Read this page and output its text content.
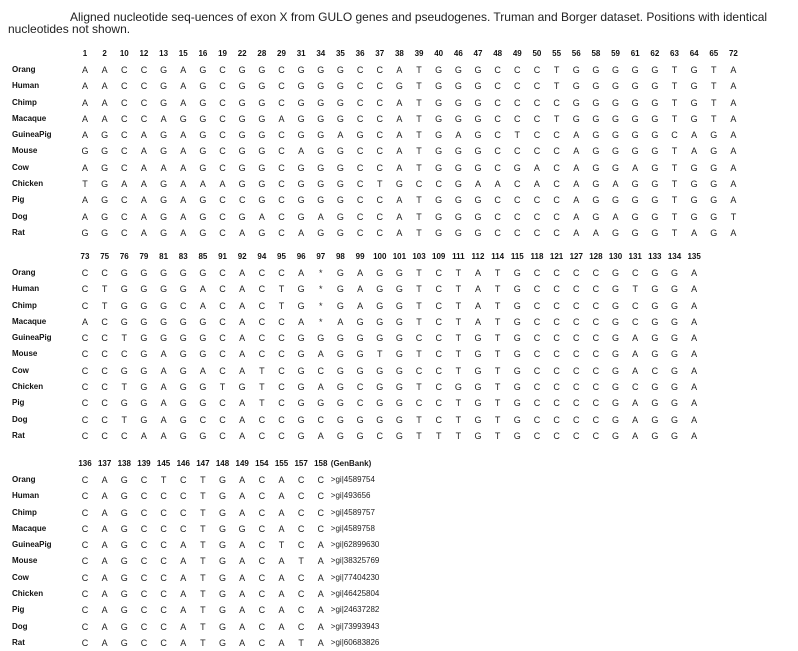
Aligned nucleotide seq-uences of exon X from GULO genes and pseudogenes. Truman and Borger dataset. Positions with identical nucleotides not shown.
1	2	10	12	13	15	16	19	22	28	29	31	34	35	36	37	38	39	40	46	47	48	49	50	55	56	58	59	61	62	63	64	65	72
Orang	A	A	C	C	G	A	G	C	G	G	C	G	G	G	C	C	A	T	G	G	G	C	C	C	T	G	G	G	G	G	T	G	T	A
Human	A	A	C	C	G	A	G	C	G	G	C	G	G	G	C	C	G	T	G	G	G	C	C	C	T	G	G	G	G	G	T	G	T	A
Chimp	A	A	C	C	G	A	G	C	G	G	C	G	G	G	C	C	A	T	G	G	G	C	C	C	C	G	G	G	G	G	T	G	T	A
Macaque	A	A	C	C	A	G	G	C	G	G	A	G	G	G	C	C	A	T	G	G	G	C	C	C	T	G	G	G	G	G	T	G	T	A
GuineaPig	A	G	C	A	G	A	G	C	G	G	C	G	G	A	G	C	A	T	G	A	G	C	T	C	C	A	G	G	G	G	C	A	G	A
Mouse	G	G	C	A	G	A	G	C	G	G	C	A	G	G	C	C	A	T	G	G	G	C	C	C	C	A	G	G	G	G	T	A	G	A
Cow	A	G	C	A	A	A	G	C	G	G	C	G	G	G	C	C	A	T	G	G	G	C	G	A	C	A	G	G	A	G	T	G	G	A
Chicken	T	G	A	A	G	A	A	A	G	G	C	G	G	G	C	T	G	C	C	G	A	A	C	A	C	A	G	A	G	G	T	G	G	A
Pig	A	G	C	A	G	A	G	C	C	G	C	G	G	G	C	C	A	T	G	G	G	C	C	C	C	A	G	G	G	G	T	G	G	A
Dog	A	G	C	A	G	A	G	C	G	A	C	G	A	G	C	C	A	T	G	G	G	C	C	C	C	A	G	A	G	G	T	G	G	T
Rat	G	G	C	A	G	A	G	C	A	G	C	A	G	G	C	C	A	T	G	G	G	C	C	C	C	A	A	G	G	G	T	A	G	A
73	75	76	79	81	83	85	91	92	94	95	96	97	98	99	100 101 103 109 111 112 114 115 118 121 127 128 130 131 133 134 135
Orang	C	C	G	G	G	G	G	C	A	C	C	A	*	G	A	G	G	T	C	T	A	T	G	C	C	C	C	G	C	G	G	A
Human	C	T	G	G	G	G	A	C	A	C	T	G	*	G	A	G	G	T	C	T	A	T	G	C	C	C	C	G	T	G	G	A
Chimp	C	T	G	G	G	C	A	C	A	C	T	G	*	G	A	G	G	T	C	T	A	T	G	C	C	C	C	G	C	G	G	A
Macaque	A	C	G	G	G	G	G	C	A	C	C	A	*	A	G	G	G	T	C	T	A	T	G	C	C	C	C	G	C	G	G	A
GuineaPig	C	C	T	G	G	G	G	C	A	C	C	G	G	G	G	G	G	C	C	T	G	T	G	C	C	C	C	G	A	G	G	A
Mouse	C	C	C	G	A	G	G	C	A	C	C	G	A	G	G	T	G	T	C	T	G	T	G	C	C	C	C	G	A	G	G	A
Cow	C	C	G	G	A	G	A	C	A	T	C	G	C	G	G	G	G	C	C	T	G	T	G	C	C	C	C	G	A	C	G	A
Chicken	C	C	T	G	A	G	G	T	G	T	C	G	A	G	C	G	G	T	C	G	G	T	G	C	C	C	C	G	C	G	G	A
Pig	C	C	G	G	A	G	G	C	A	T	C	G	G	G	C	G	G	C	C	T	G	T	G	C	C	C	C	G	A	G	G	A
Dog	C	C	T	G	A	G	C	C	A	C	C	G	C	G	G	G	G	T	C	T	G	T	G	C	C	C	C	G	A	G	G	A
Rat	C	C	C	A	A	G	G	C	A	C	C	G	A	G	G	C	G	T	T	T	G	T	G	C	C	C	C	G	A	G	G	A
136 137 138 139 145 146 147 148 149 154 155 157 158 (GenBank)
Orang	C	A	G	C	T	C	T	G	A	C	A	C	C >gi|4589754
Human	C	A	G	C	C	C	T	G	A	C	A	C	C >gi|493656
Chimp	C	A	G	C	C	C	T	G	A	C	A	C	C >gi|4589757
Macaque	C	A	G	C	C	C	T	G	G	C	A	C	C >gi|4589758
GuineaPig	C	A	G	C	C	A	T	G	A	C	T	C	A >gi|62899630
Mouse	C	A	G	C	C	A	T	G	A	C	A	T	A >gi|38325769
Cow	C	A	G	C	C	A	T	G	A	C	A	C	A >gi|77404230
Chicken	C	A	G	C	C	A	T	G	A	C	A	C	A >gi|46425804
Pig	C	A	G	C	C	A	T	G	A	C	A	C	A >gi|24637282
Dog	C	A	G	C	C	A	T	G	A	C	A	C	A >gi|73993943
Rat	C	A	G	C	C	A	T	G	A	C	A	T	A >gi|60683826
